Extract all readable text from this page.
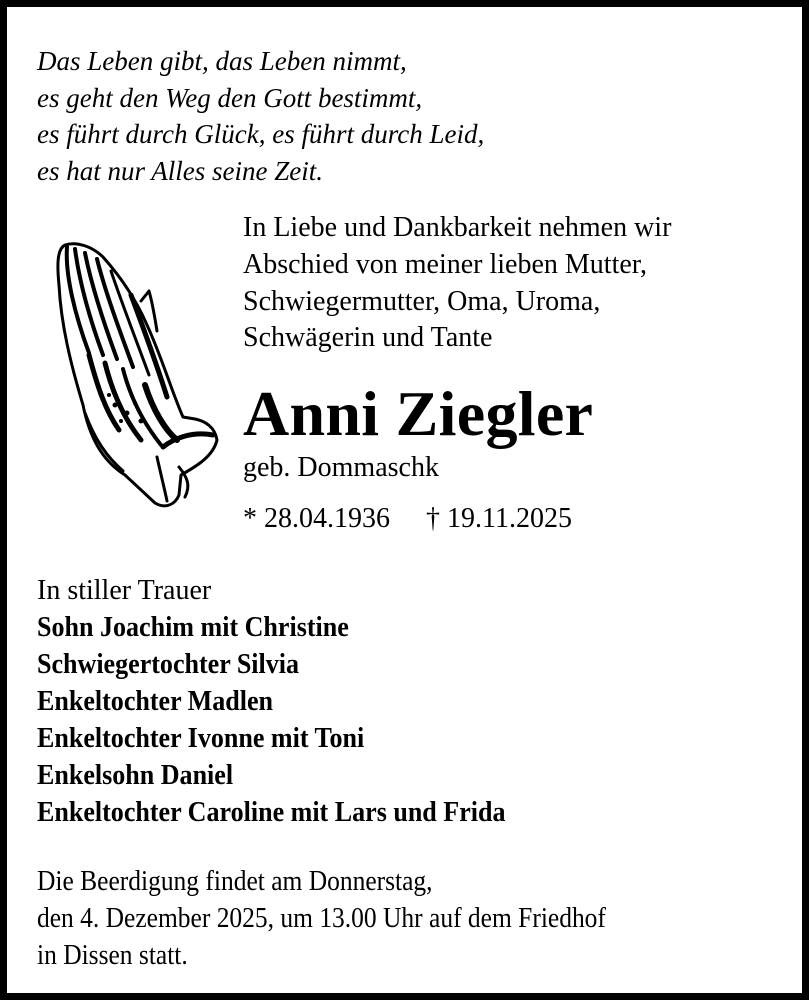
Das Leben gibt, das Leben nimmt,
es geht den Weg den Gott bestimmt,
es führt durch Glück, es führt durch Leid,
es hat nur Alles seine Zeit.
In Liebe und Dankbarkeit nehmen wir
Abschied von meiner lieben Mutter,
Schwiegermutter, Oma, Uroma,
Schwägerin und Tante
Anni Ziegler
geb. Dommaschk
* 28.04.1936 † 19.11.2025
In stiller Trauer
Sohn Joachim mit Christine
Schwiegertochter Silvia
Enkeltochter Madlen
Enkeltochter Ivonne mit Toni
Enkelsohn Daniel
Enkeltochter Caroline mit Lars und Frida
Die Beerdigung findet am Donnerstag,
den 4. Dezember 2025, um 13.00 Uhr auf dem Friedhof
in Dissen statt.
